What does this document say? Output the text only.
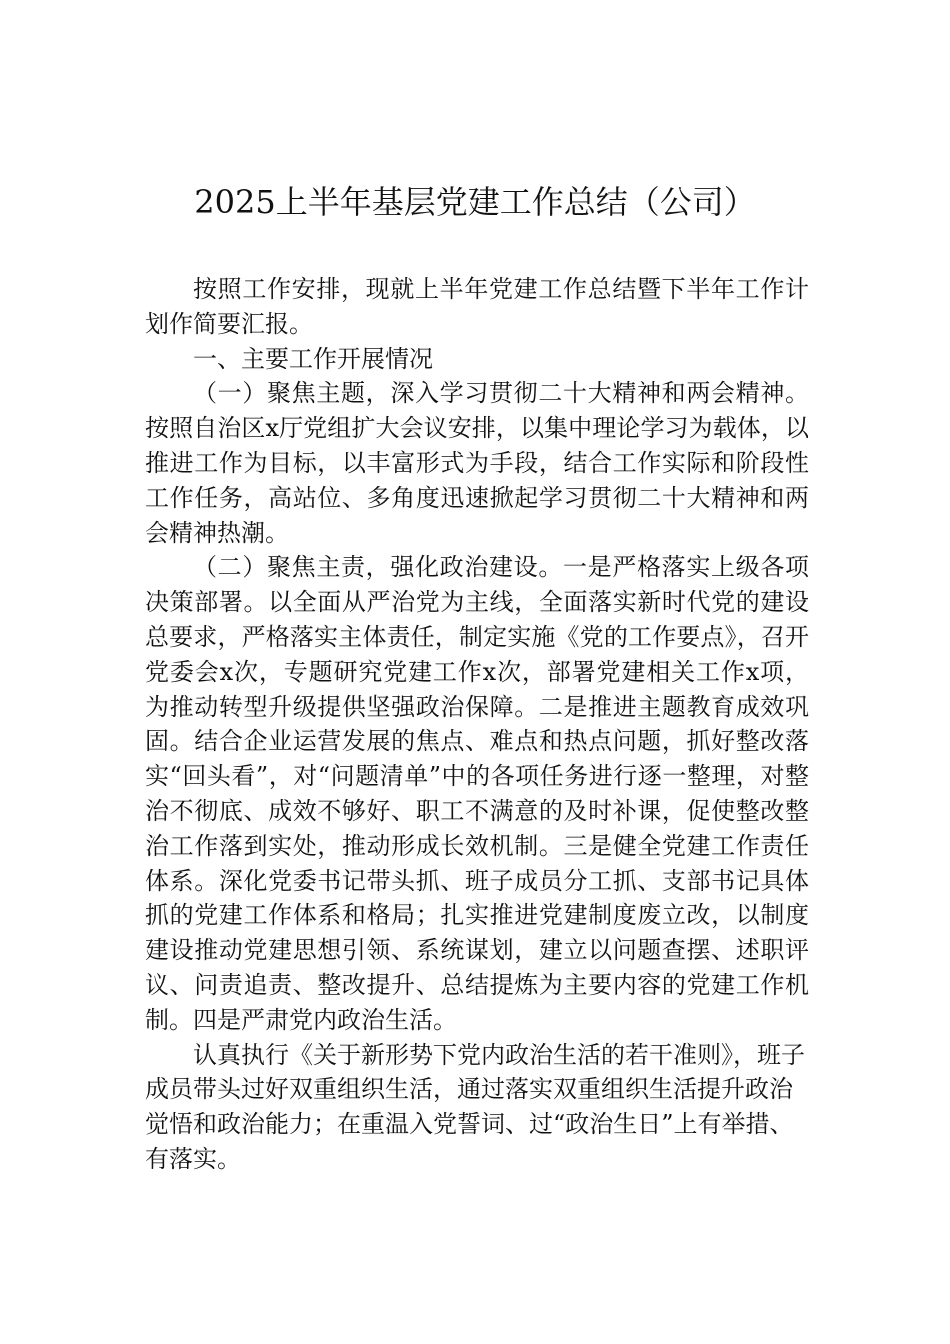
2025上半年基层党建工作总结（公司）

按照工作安排，现就上半年党建工作总结暨下半年工作计划作简要汇报。

一、主要工作开展情况

（一）聚焦主题，深入学习贯彻二十大精神和两会精神。按照自治区x厅党组扩大会议安排，以集中理论学习为载体，以推进工作为目标，以丰富形式为手段，结合工作实际和阶段性工作任务，高站位、多角度迅速掀起学习贯彻二十大精神和两会精神热潮。

（二）聚焦主责，强化政治建设。一是严格落实上级各项决策部署。以全面从严治党为主线，全面落实新时代党的建设总要求，严格落实主体责任，制定实施《党的工作要点》，召开党委会x次，专题研究党建工作x次，部署党建相关工作x项，为推动转型升级提供坚强政治保障。二是推进主题教育成效巩固。结合企业运营发展的焦点、难点和热点问题，抓好整改落实“回头看”，对“问题清单”中的各项任务进行逐一整理，对整治不彻底、成效不够好、职工不满意的及时补课，促使整改整治工作落到实处，推动形成长效机制。三是健全党建工作责任体系。深化党委书记带头抓、班子成员分工抓、支部书记具体抓的党建工作体系和格局；扎实推进党建制度废立改，以制度建设推动党建思想引领、系统谋划，建立以问题查摆、述职评议、问责追责、整改提升、总结提炼为主要内容的党建工作机制。四是严肃党内政治生活。

认真执行《关于新形势下党内政治生活的若干准则》，班子成员带头过好双重组织生活，通过落实双重组织生活提升政治觉悟和政治能力；在重温入党誓词、过“政治生日”上有举措、有落实。
